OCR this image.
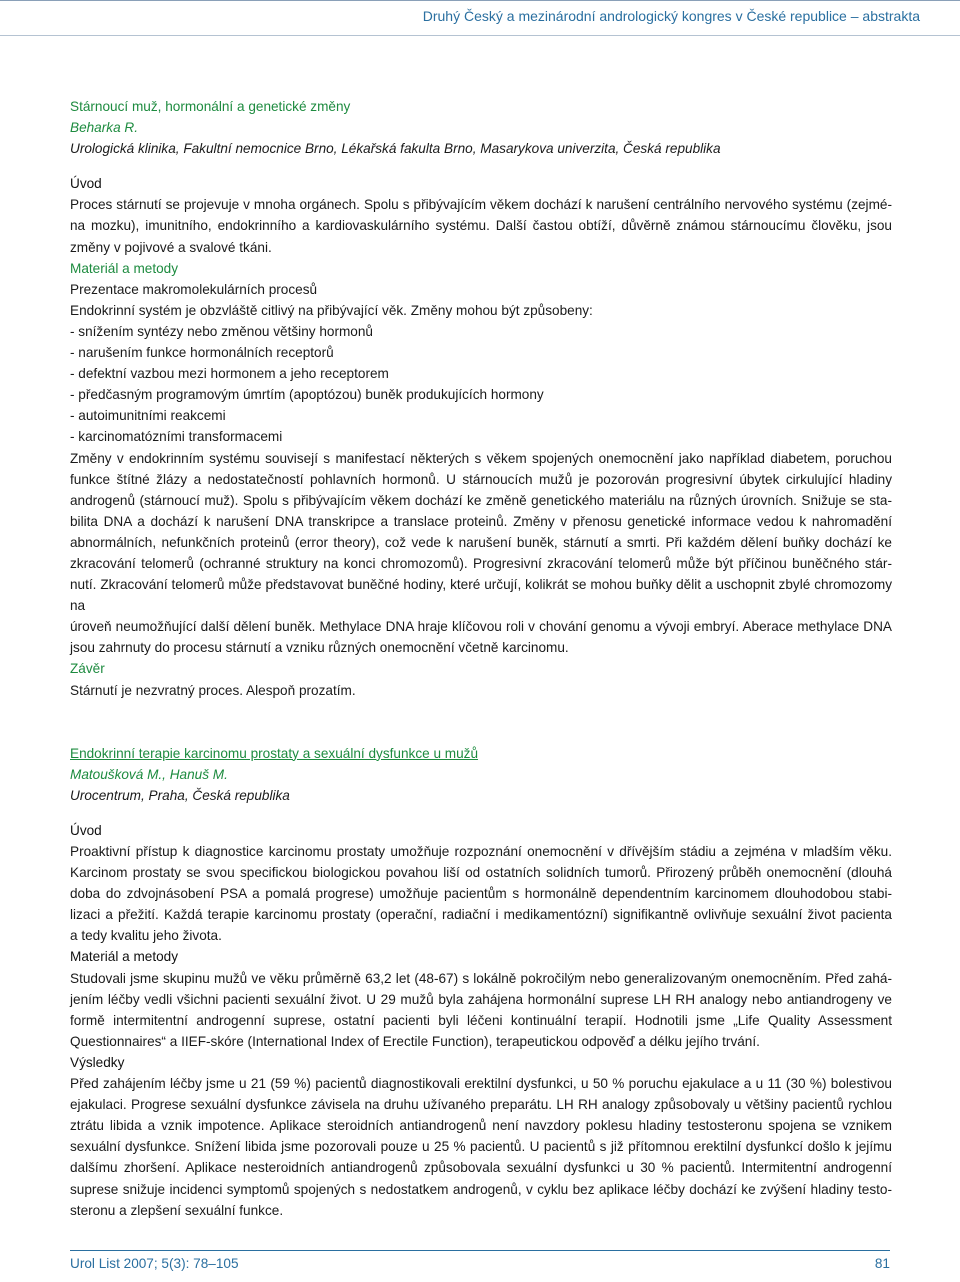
Druhý Český a mezinárodní andrologický kongres v České republice – abstrakta
Stárnoucí muž, hormonální a genetické změny
Beharka R.
Urologická klinika, Fakultní nemocnice Brno, Lékařská fakulta Brno, Masarykova univerzita, Česká republika
Úvod
Proces stárnutí se projevuje v mnoha orgánech. Spolu s přibývajícím věkem dochází k narušení centrálního nervového systému (zejmé-
na mozku), imunitního, endokrinního a kardiovaskulárního systému. Další častou obtíží, důvěrně známou stárnoucímu člověku, jsou
změny v pojivové a svalové tkáni.
Materiál a metody
Prezentace makromolekulárních procesů
Endokrinní systém je obzvláště citlivý na přibývající věk. Změny mohou být způsobeny:
- snížením syntézy nebo změnou většiny hormonů
- narušením funkce hormonálních receptorů
- defektní vazbou mezi hormonem a jeho receptorem
- předčasným programovým úmrtím (apoptózou) buněk produkujících hormony
- autoimunitními reakcemi
- karcinomatózními transformacemi
Změny v endokrinním systému souvisejí s manifestací některých s věkem spojených onemocnění jako například diabetem, poruchou
funkce štítné žlázy a nedostatečností pohlavních hormonů. U stárnoucích mužů je pozorován progresivní úbytek cirkulující hladiny
androgenů (stárnoucí muž). Spolu s přibývajícím věkem dochází ke změně genetického materiálu na různých úrovních. Snižuje se sta-
bilita DNA a dochází k narušení DNA transkripce a translace proteinů. Změny v přenosu genetické informace vedou k nahromadění
abnormálních, nefunkčních proteinů (error theory), což vede k narušení buněk, stárnutí a smrti. Při každém dělení buňky dochází ke
zkracování telomerů (ochranné struktury na konci chromozomů). Progresivní zkracování telomerů může být příčinou buněčného stár-
nutí. Zkracování telomerů může představovat buněčné hodiny, které určují, kolikrát se mohou buňky dělit a uschopnit zbylé chromozomy na
úroveň neumožňující další dělení buněk. Methylace DNA hraje klíčovou roli v chování genomu a vývoji embryí. Aberace methylace DNA
jsou zahrnuty do procesu stárnutí a vzniku různých onemocnění včetně karcinomu.
Závěr
Stárnutí je nezvratný proces. Alespoň prozatím.
Endokrinní terapie karcinomu prostaty a sexuální dysfunkce u mužů
Matoušková M., Hanuš M.
Urocentrum, Praha, Česká republika
Úvod
Proaktivní přístup k diagnostice karcinomu prostaty umožňuje rozpoznání onemocnění v dřívějším stádiu a zejména v mladším věku.
Karcinom prostaty se svou specifickou biologickou povahou liší od ostatních solidních tumorů. Přirozený průběh onemocnění (dlouhá
doba do zdvojnásobení PSA a pomalá progrese) umožňuje pacientům s hormonálně dependentním karcinomem dlouhodobou stabi-
lizaci a přežití. Každá terapie karcinomu prostaty (operační, radiační i medikamentózní) signifikantně ovlivňuje sexuální život pacienta
a tedy kvalitu jeho života.
Materiál a metody
Studovali jsme skupinu mužů ve věku průměrně 63,2 let (48-67) s lokálně pokročilým nebo generalizovaným onemocněním. Před zahá-
jením léčby vedli všichni pacienti sexuální život. U 29 mužů byla zahájena hormonální suprese LH RH analogy nebo antiandrogeny ve
formě intermitentní androgenní suprese, ostatní pacienti byli léčeni kontinuální terapií. Hodnotili jsme „Life Quality Assessment
Questionnaires“ a IIEF-skóre (International Index of Erectile Function), terapeutickou odpověď a délku jejího trvání.
Výsledky
Před zahájením léčby jsme u 21 (59 %) pacientů diagnostikovali erektilní dysfunkci, u 50 % poruchu ejakulace a u 11 (30 %) bolestivou
ejakulaci. Progrese sexuální dysfunkce závisela na druhu užívaného preparátu. LH RH analogy způsobovaly u většiny pacientů rychlou
ztrátu libida a vznik impotence. Aplikace steroidních antiandrogenů není navzdory poklesu hladiny testosteronu spojena se vznikem
sexuální dysfunkce. Snížení libida jsme pozorovali pouze u 25 % pacientů. U pacientů s již přítomnou erektilní dysfunkcí došlo k jejímu
dalšímu zhoršení. Aplikace nesteroidních antiandrogenů způsobovala sexuální dysfunkci u 30 % pacientů. Intermitentní androgenní
suprese snižuje incidenci symptomů spojených s nedostatkem androgenů, v cyklu bez aplikace léčby dochází ke zvýšení hladiny testo-
steronu a zlepšení sexuální funkce.
Urol List 2007; 5(3): 78–105	81
